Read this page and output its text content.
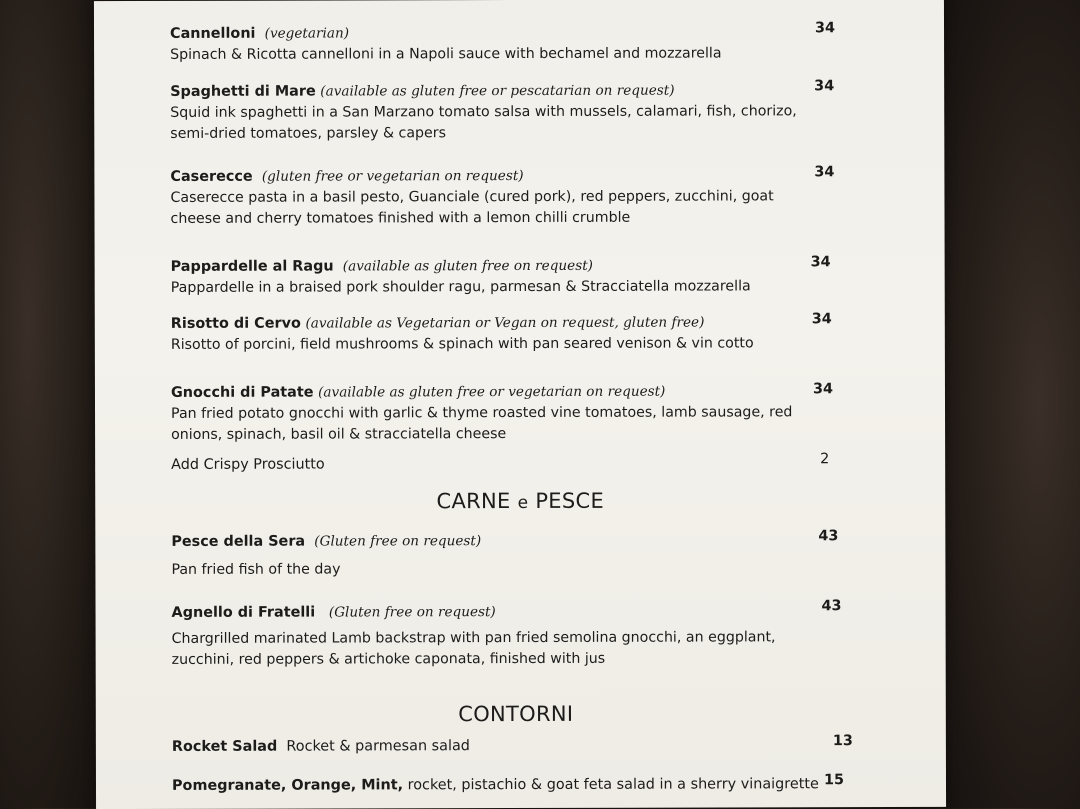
Cannelloni (vegetarian)
Spinach & Ricotta cannelloni in a Napoli sauce with bechamel and mozzarella
34
Spaghetti di Mare (available as gluten free or pescatarian on request)
Squid ink spaghetti in a San Marzano tomato salsa with mussels, calamari, fish, chorizo, semi-dried tomatoes, parsley & capers
34
Caserecce (gluten free or vegetarian on request)
Caserecce pasta in a basil pesto, Guanciale (cured pork), red peppers, zucchini, goat cheese and cherry tomatoes finished with a lemon chilli crumble
34
Pappardelle al Ragu (available as gluten free on request)
Pappardelle in a braised pork shoulder ragu, parmesan & Stracciatella mozzarella
34
Risotto di Cervo (available as Vegetarian or Vegan on request, gluten free)
Risotto of porcini, field mushrooms & spinach with pan seared venison & vin cotto
34
Gnocchi di Patate (available as gluten free or vegetarian on request)
Pan fried potato gnocchi with garlic & thyme roasted vine tomatoes, lamb sausage, red onions, spinach, basil oil & stracciatella cheese
34
Add Crispy Prosciutto	2
CARNE e PESCE
Pesce della Sera (Gluten free on request)
Pan fried fish of the day
43
Agnello di Fratelli (Gluten free on request)
Chargrilled marinated Lamb backstrap with pan fried semolina gnocchi, an eggplant, zucchini, red peppers & artichoke caponata, finished with jus
43
CONTORNI
Rocket Salad Rocket & parmesan salad	13
Pomegranate, Orange, Mint, rocket, pistachio & goat feta salad in a sherry vinaigrette 15
